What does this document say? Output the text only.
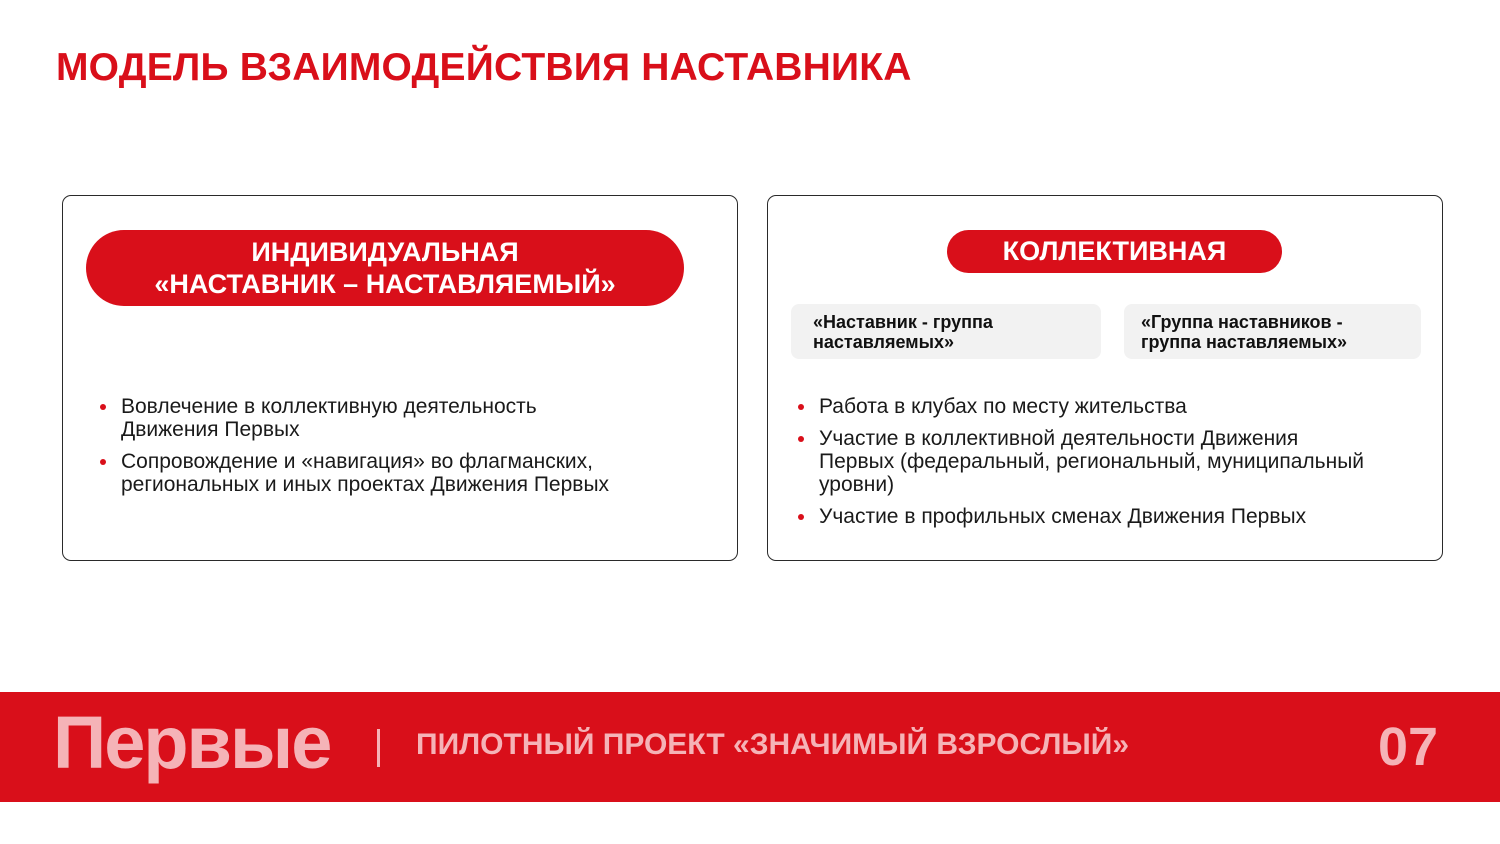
МОДЕЛЬ ВЗАИМОДЕЙСТВИЯ НАСТАВНИКА
ИНДИВИДУАЛЬНАЯ
«НАСТАВНИК – НАСТАВЛЯЕМЫЙ»
Вовлечение в коллективную деятельность
Движения Первых
Сопровождение и «навигация» во флагманских,
региональных и иных проектах Движения Первых
КОЛЛЕКТИВНАЯ
«Наставник - группа
наставляемых»
«Группа наставников -
группа наставляемых»
Работа в клубах по месту жительства
Участие в коллективной деятельности Движения
Первых (федеральный, региональный, муниципальный
уровни)
Участие в профильных сменах Движения Первых
Первые	ПИЛОТНЫЙ ПРОЕКТ «ЗНАЧИМЫЙ ВЗРОСЛЫЙ»	07
